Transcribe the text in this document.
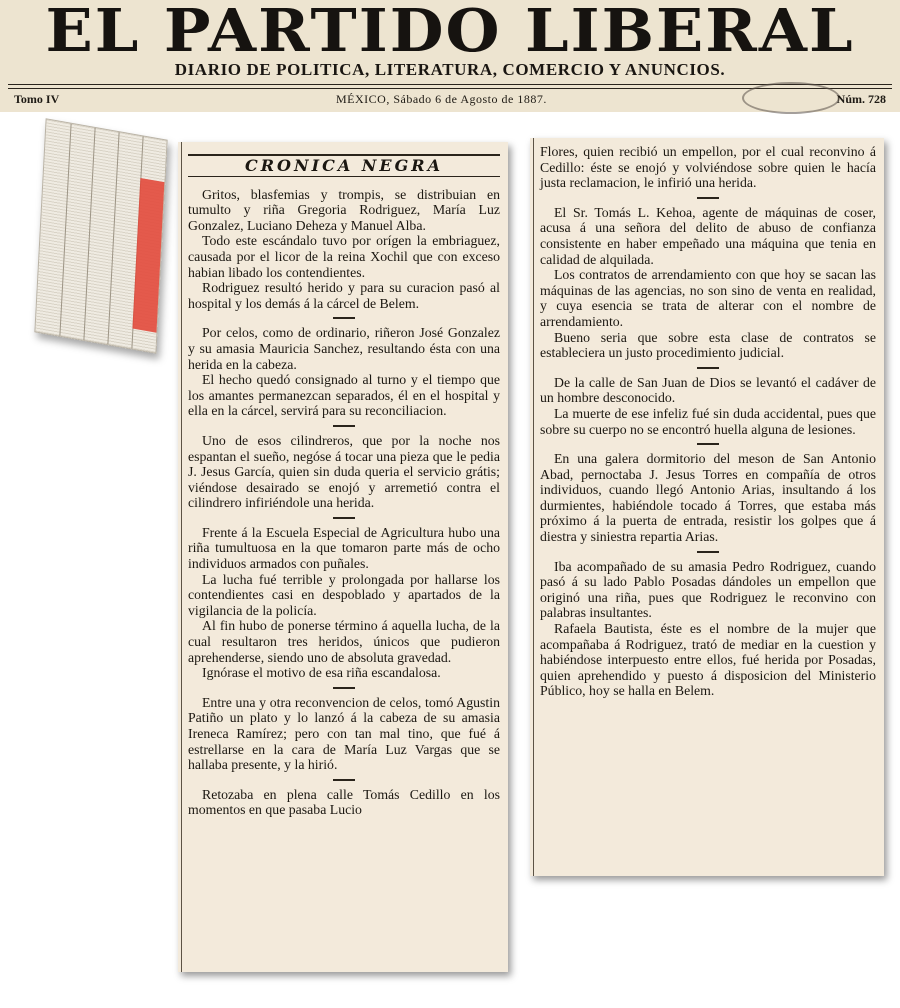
EL PARTIDO LIBERAL
DIARIO DE POLITICA, LITERATURA, COMERCIO Y ANUNCIOS.
Tomo IV	MÉXICO, Sábado 6 de Agosto de 1887.	Núm. 728
CRONICA NEGRA

Gritos, blasfemias y trompis, se distribuian en tumulto y riña Gregoria Rodriguez, María Luz Gonzalez, Luciano Deheza y Manuel Alba.

Todo este escándalo tuvo por orígen la embriaguez, causada por el licor de la reina Xochil que con exceso habian libado los contendientes.

Rodriguez resultó herido y para su curacion pasó al hospital y los demás á la cárcel de Belem.

Por celos, como de ordinario, riñeron José Gonzalez y su amasia Mauricia Sanchez, resultando ésta con una herida en la cabeza.

El hecho quedó consignado al turno y el tiempo que los amantes permanezcan separados, él en el hospital y ella en la cárcel, servirá para su reconciliacion.

Uno de esos cilindreros, que por la noche nos espantan el sueño, negóse á tocar una pieza que le pedia J. Jesus García, quien sin duda queria el servicio grátis; viéndose desairado se enojó y arremetió contra el cilindrero infiriéndole una herida.

Frente á la Escuela Especial de Agricultura hubo una riña tumultuosa en la que tomaron parte más de ocho individuos armados con puñales.

La lucha fué terrible y prolongada por hallarse los contendientes casi en despoblado y apartados de la vigilancia de la policía.

Al fin hubo de ponerse término á aquella lucha, de la cual resultaron tres heridos, únicos que pudieron aprehenderse, siendo uno de absoluta gravedad.

Ignórase el motivo de esa riña escandalosa.

Entre una y otra reconvencion de celos, tomó Agustin Patiño un plato y lo lanzó á la cabeza de su amasia Ireneca Ramírez; pero con tan mal tino, que fué á estrellarse en la cara de María Luz Vargas que se hallaba presente, y la hirió.

Retozaba en plena calle Tomás Cedillo en los momentos en que pasaba Lucio

Flores, quien recibió un empellon, por el cual reconvino á Cedillo: éste se enojó y volviéndose sobre quien le hacía justa reclamacion, le infirió una herida.

El Sr. Tomás L. Kehoa, agente de máquinas de coser, acusa á una señora del delito de abuso de confianza consistente en haber empeñado una máquina que tenia en calidad de alquilada.

Los contratos de arrendamiento con que hoy se sacan las máquinas de las agencias, no son sino de venta en realidad, y cuya esencia se trata de alterar con el nombre de arrendamiento.

Bueno seria que sobre esta clase de contratos se estableciera un justo procedimiento judicial.

De la calle de San Juan de Dios se levantó el cadáver de un hombre desconocido.

La muerte de ese infeliz fué sin duda accidental, pues que sobre su cuerpo no se encontró huella alguna de lesiones.

En una galera dormitorio del meson de San Antonio Abad, pernoctaba J. Jesus Torres en compañía de otros individuos, cuando llegó Antonio Arias, insultando á los durmientes, habiéndole tocado á Torres, que estaba más próximo á la puerta de entrada, resistir los golpes que á diestra y siniestra repartia Arias.

Iba acompañado de su amasia Pedro Rodriguez, cuando pasó á su lado Pablo Posadas dándoles un empellon que originó una riña, pues que Rodriguez le reconvino con palabras insultantes.

Rafaela Bautista, éste es el nombre de la mujer que acompañaba á Rodriguez, trató de mediar en la cuestion y habiéndose interpuesto entre ellos, fué herida por Posadas, quien aprehendido y puesto á disposicion del Ministerio Público, hoy se halla en Belem.
